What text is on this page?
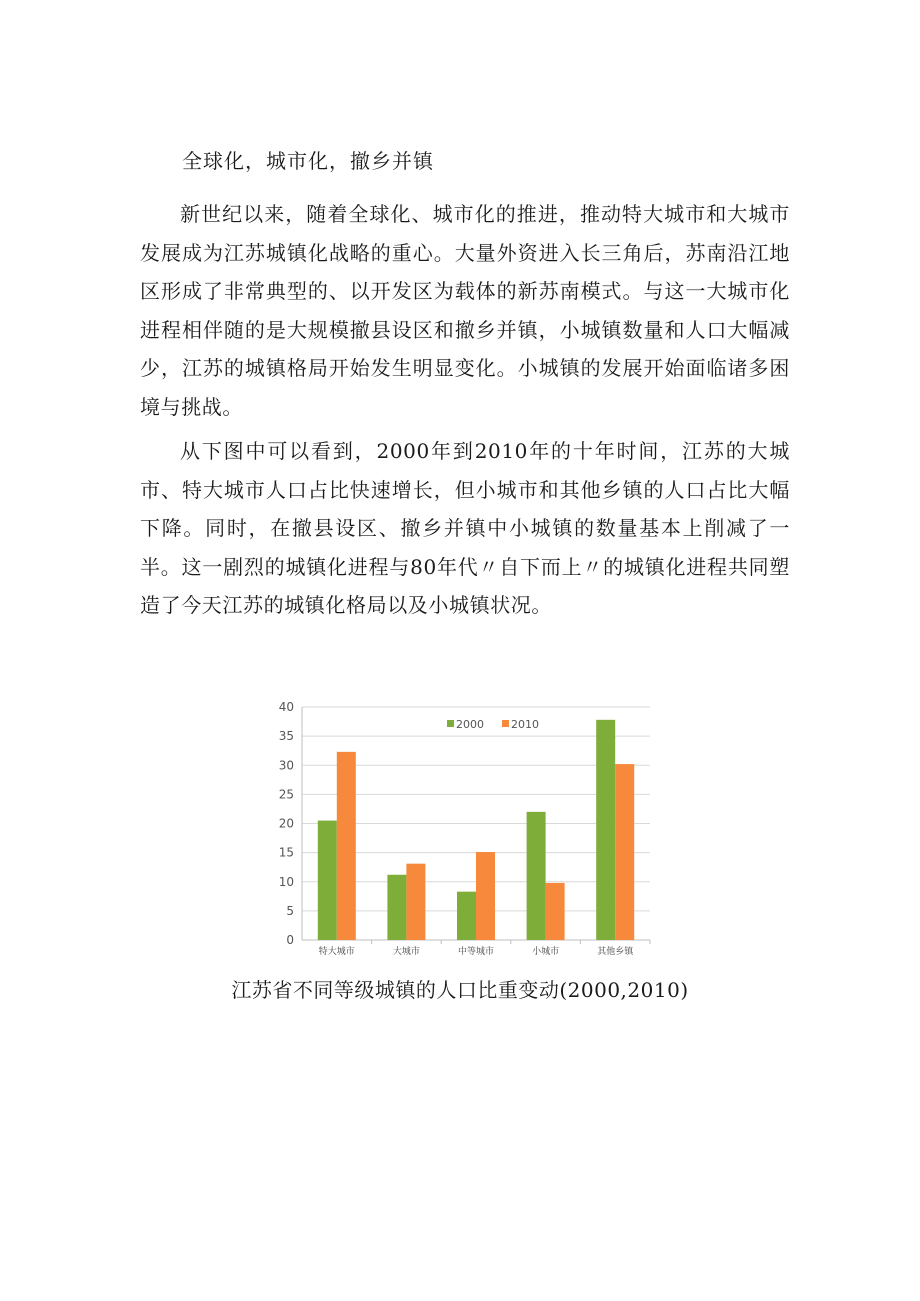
全球化，城市化，撤乡并镇

新世纪以来，随着全球化、城市化的推进，推动特大城市和大城市发展成为江苏城镇化战略的重心。大量外资进入长三角后，苏南沿江地区形成了非常典型的、以开发区为载体的新苏南模式。与这一大城市化进程相伴随的是大规模撤县设区和撤乡并镇，小城镇数量和人口大幅减少，江苏的城镇格局开始发生明显变化。小城镇的发展开始面临诸多困境与挑战。

从下图中可以看到，2000年到2010年的十年时间，江苏的大城市、特大城市人口占比快速增长，但小城市和其他乡镇的人口占比大幅下降。同时，在撤县设区、撤乡并镇中小城镇的数量基本上削减了一半。这一剧烈的城镇化进程与80年代〃自下而上〃的城镇化进程共同塑造了今天江苏的城镇化格局以及小城镇状况。

0
5
10
15
20
25
30
35
40
特大城市	大城市	中等城市	小城市	其他乡镇
2000 2010

江苏省不同等级城镇的人口比重变动(2000,2010)
